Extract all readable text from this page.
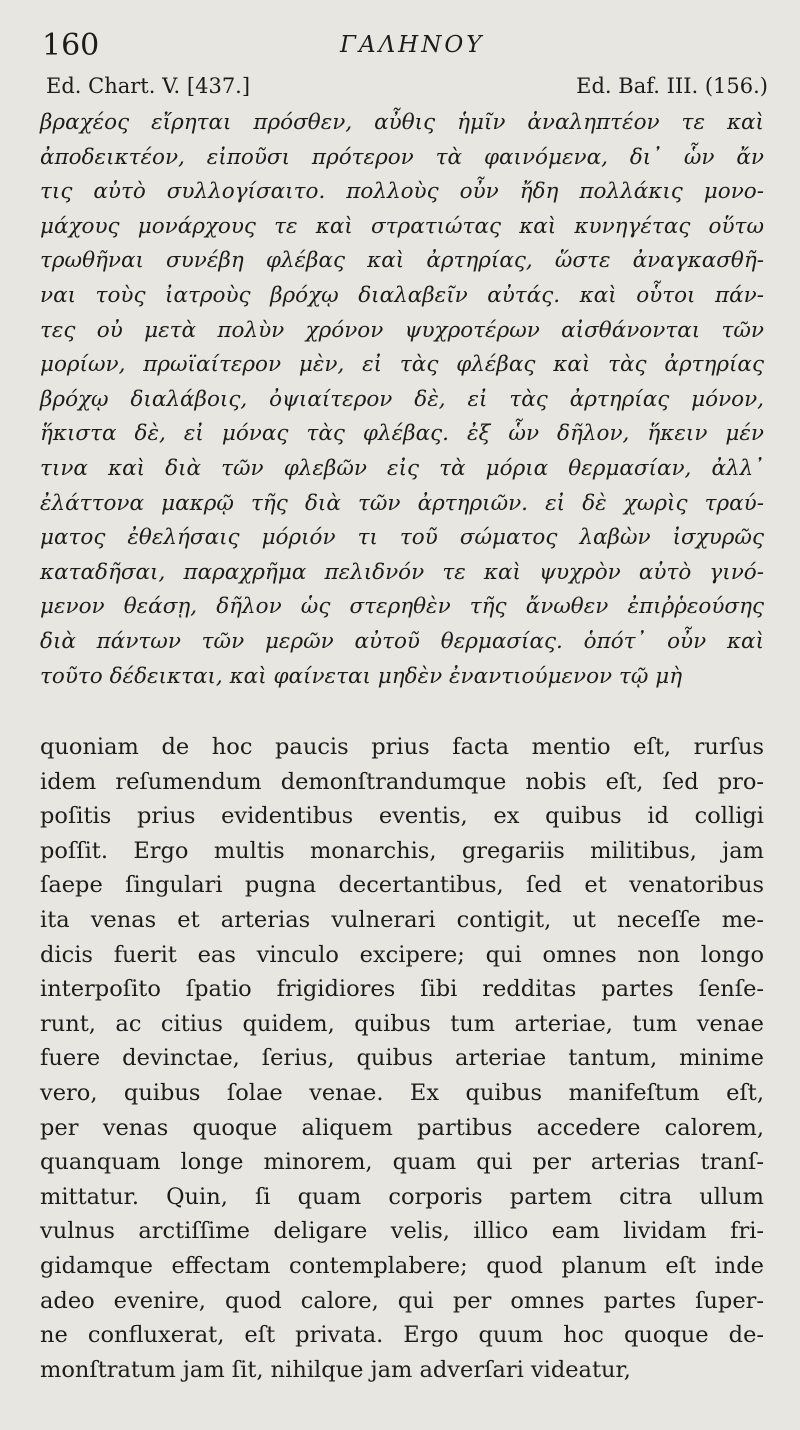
160	ΓΑΛΗΝΟΥ
Ed. Chart. V. [437.]	Ed. Baf. III. (156.)
βραχέος εἴρηται πρόσθεν, αὖθις ἡμῖν ἀναληπτέον τε καὶ
ἀποδεικτέον, εἰποῦσι πρότερον τὰ φαινόμενα, δι᾽ ὧν ἄν
τις αὐτὸ συλλογίσαιτο. πολλοὺς οὖν ἤδη πολλάκις μονο-
μάχους μονάρχους τε καὶ στρατιώτας καὶ κυνηγέτας οὕτω
τρωθῆναι συνέβη φλέβας καὶ ἀρτηρίας, ὥστε ἀναγκασθῆ-
ναι τοὺς ἰατροὺς βρόχῳ διαλαβεῖν αὐτάς. καὶ οὗτοι πάν-
τες οὐ μετὰ πολὺν χρόνον ψυχροτέρων αἰσθάνονται τῶν
μορίων, πρωϊαίτερον μὲν, εἰ τὰς φλέβας καὶ τὰς ἀρτηρίας
βρόχῳ διαλάβοις, ὀψιαίτερον δὲ, εἰ τὰς ἀρτηρίας μόνον,
ἥκιστα δὲ, εἰ μόνας τὰς φλέβας. ἐξ ὧν δῆλον, ἥκειν μέν
τινα καὶ διὰ τῶν φλεβῶν εἰς τὰ μόρια θερμασίαν, ἀλλ᾽
ἐλάττονα μακρῷ τῆς διὰ τῶν ἀρτηριῶν. εἰ δὲ χωρὶς τραύ-
ματος ἐθελήσαις μόριόν τι τοῦ σώματος λαβὼν ἰσχυρῶς
καταδῆσαι, παραχρῆμα πελιδνόν τε καὶ ψυχρὸν αὐτὸ γινό-
μενον θεάσῃ, δῆλον ὡς στερηθὲν τῆς ἄνωθεν ἐπιῤῥεούσης
διὰ πάντων τῶν μερῶν αὐτοῦ θερμασίας. ὁπότ᾽ οὖν καὶ
τοῦτο δέδεικται, καὶ φαίνεται μηδὲν ἐναντιούμενον τῷ μὴ
quoniam de hoc paucis prius facta mentio eſt, rurſus
idem reſumendum demonſtrandumque nobis eſt, ſed pro-
poſitis prius evidentibus eventis, ex quibus id colligi
poſſit. Ergo multis monarchis, gregariis militibus, jam
ſaepe ſingulari pugna decertantibus, ſed et venatoribus
ita venas et arterias vulnerari contigit, ut neceſſe me-
dicis fuerit eas vinculo excipere; qui omnes non longo
interpoſito ſpatio frigidiores ſibi redditas partes ſenſe-
runt, ac citius quidem, quibus tum arteriae, tum venae
fuere devinctae, ſerius, quibus arteriae tantum, minime
vero, quibus ſolae venae. Ex quibus manifeſtum eſt,
per venas quoque aliquem partibus accedere calorem,
quanquam longe minorem, quam qui per arterias tranſ-
mittatur. Quin, ſi quam corporis partem citra ullum
vulnus arctiſſime deligare velis, illico eam lividam fri-
gidamque effectam contemplabere; quod planum eſt inde
adeo evenire, quod calore, qui per omnes partes ſuper-
ne confluxerat, eſt privata. Ergo quum hoc quoque de-
monſtratum jam ſit, nihilque jam adverſari videatur,
